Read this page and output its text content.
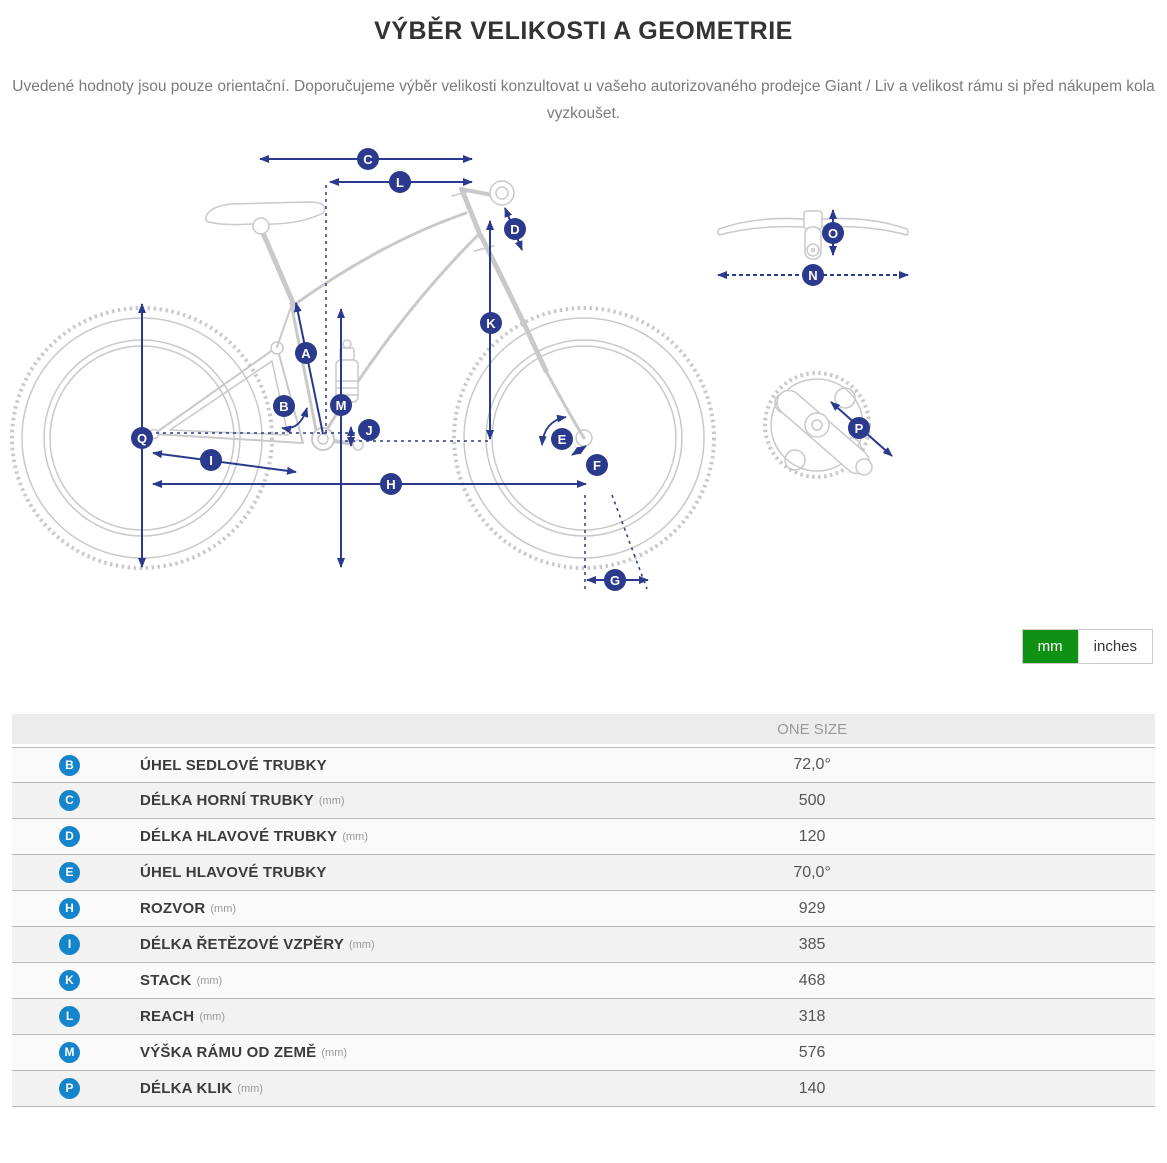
VÝBĚR VELIKOSTI A GEOMETRIE

Uvedené hodnoty jsou pouze orientační. Doporučujeme výběr velikosti konzultovat u vašeho autorizovaného prodejce Giant / Liv a velikost rámu si před nákupem kola vyzkoušet.

A
B
C
D
E
F
G
H
I
J
K
L
M
N
O
P
Q
mm	inches
ONE SIZE
B	ÚHEL SEDLOVÉ TRUBKY	72,0°
C	DÉLKA HORNÍ TRUBKY (mm)	500
D	DÉLKA HLAVOVÉ TRUBKY (mm)	120
E	ÚHEL HLAVOVÉ TRUBKY	70,0°
H	ROZVOR (mm)	929
I	DÉLKA ŘETĚZOVÉ VZPĚRY (mm)	385
K	STACK (mm)	468
L	REACH (mm)	318
M	VÝŠKA RÁMU OD ZEMĚ (mm)	576
P	DÉLKA KLIK (mm)	140
